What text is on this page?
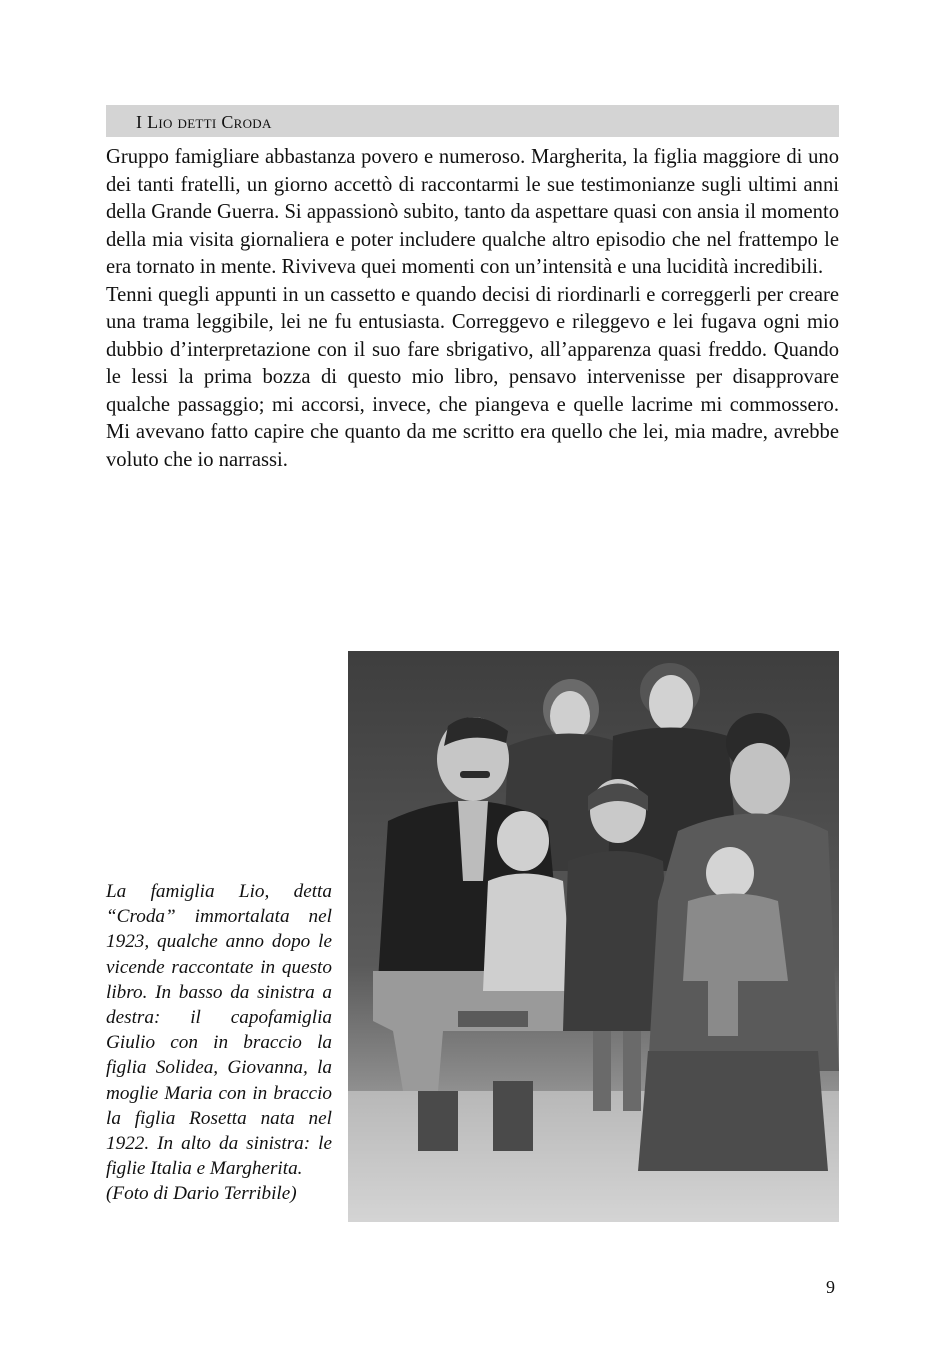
I Lio detti Croda

Gruppo famigliare abbastanza povero e numeroso. Margherita, la figlia maggiore di uno dei tanti fratelli, un giorno accettò di raccontarmi le sue testimonianze sugli ultimi anni della Grande Guerra. Si appassionò subito, tanto da aspettare quasi con ansia il momento della mia visita giornaliera e poter includere qualche altro episodio che nel frattempo le era tornato in mente. Riviveva quei momenti con un’intensità e una lucidità incredibili.

Tenni quegli appunti in un cassetto e quando decisi di riordinarli e correggerli per creare una trama leggibile, lei ne fu entusiasta. Correggevo e rileggevo e lei fugava ogni mio dubbio d’interpretazione con il suo fare sbrigativo, all’apparenza quasi freddo. Quando le lessi la prima bozza di questo mio libro, pensavo intervenisse per disapprovare qualche passaggio; mi accorsi, invece, che piangeva e quelle lacrime mi commossero. Mi avevano fatto capire che quanto da me scritto era quello che lei, mia madre, avrebbe voluto che io narrassi.

La famiglia Lio, detta “Croda” immortalata nel 1923, qualche anno dopo le vicende raccontate in questo libro. In basso da sinistra a destra: il capofamiglia Giulio con in braccio la figlia Solidea, Giovanna, la moglie Maria con in braccio la figlia Rosetta nata nel 1922. In alto da sinistra: le figlie Italia e Margherita.

(Foto di Dario Terribile)

9
